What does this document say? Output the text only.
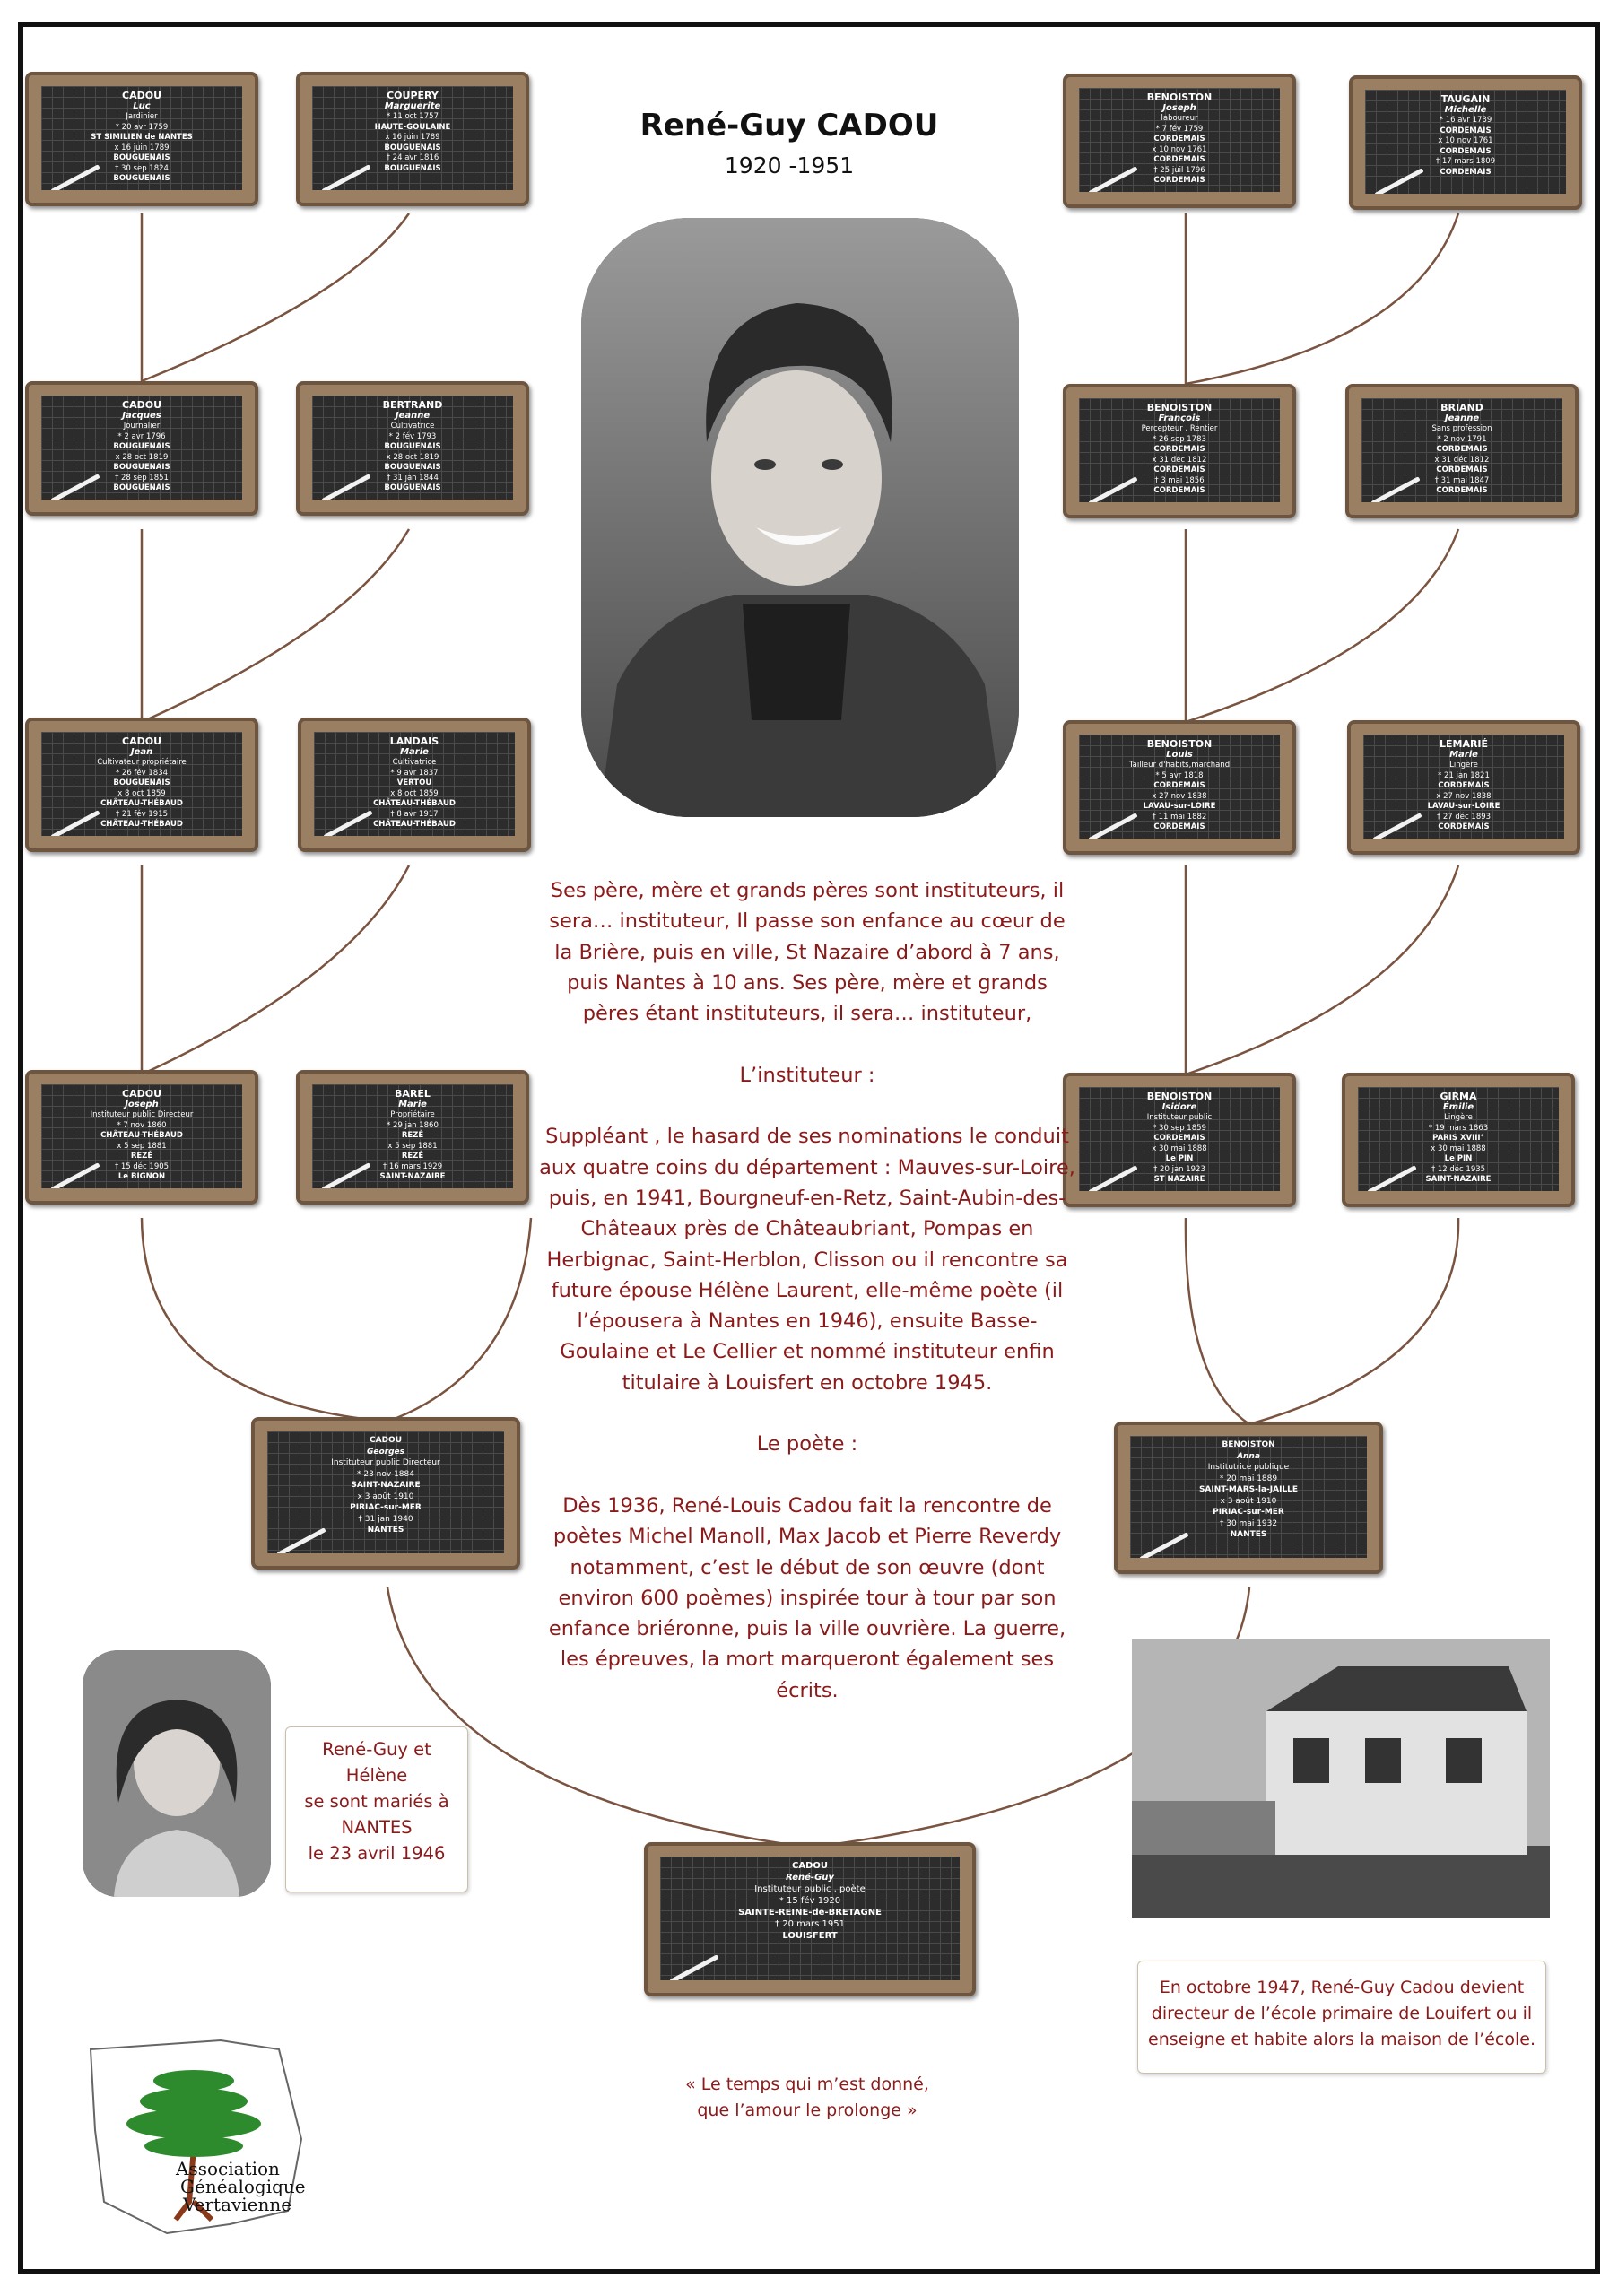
CADOU
Luc
Jardinier
* 20 avr 1759
ST SIMILIEN de NANTES
x 16 juin 1789
BOUGUENAIS
† 30 sep 1824
BOUGUENAIS
COUPERY
Marguerite
* 11 oct 1757
HAUTE-GOULAINE
x 16 juin 1789
BOUGUENAIS
† 24 avr 1816
BOUGUENAIS
BENOISTON
Joseph
laboureur
* 7 fév 1759
CORDEMAIS
x 10 nov 1761
CORDEMAIS
† 25 juil 1796
CORDEMAIS
TAUGAIN
Michelle
* 16 avr 1739
CORDEMAIS
x 10 nov 1761
CORDEMAIS
† 17 mars 1809
CORDEMAIS
CADOU
Jacques
Journalier
* 2 avr 1796
BOUGUENAIS
x 28 oct 1819
BOUGUENAIS
† 28 sep 1851
BOUGUENAIS
BERTRAND
Jeanne
Cultivatrice
* 2 fév 1793
BOUGUENAIS
x 28 oct 1819
BOUGUENAIS
† 31 jan 1844
BOUGUENAIS
BENOISTON
François
Percepteur , Rentier
* 26 sep 1783
CORDEMAIS
x 31 déc 1812
CORDEMAIS
† 3 mai 1856
CORDEMAIS
BRIAND
Jeanne
Sans profession
* 2 nov 1791
CORDEMAIS
x 31 déc 1812
CORDEMAIS
† 31 mai 1847
CORDEMAIS
CADOU
Jean
Cultivateur propriétaire
* 26 fév 1834
BOUGUENAIS
x 8 oct 1859
CHÂTEAU-THÉBAUD
† 21 fév 1915
CHÂTEAU-THÉBAUD
LANDAIS
Marie
Cultivatrice
* 9 avr 1837
VERTOU
x 8 oct 1859
CHÂTEAU-THÉBAUD
† 8 avr 1917
CHÂTEAU-THÉBAUD
BENOISTON
Louis
Tailleur d'habits,marchand
* 5 avr 1818
CORDEMAIS
x 27 nov 1838
LAVAU-sur-LOIRE
† 11 mai 1882
CORDEMAIS
LEMARIÉ
Marie
Lingère
* 21 jan 1821
CORDEMAIS
x 27 nov 1838
LAVAU-sur-LOIRE
† 27 déc 1893
CORDEMAIS
CADOU
Joseph
Instituteur public Directeur
* 7 nov 1860
CHÂTEAU-THÉBAUD
x 5 sep 1881
REZÉ
† 15 déc 1905
Le BIGNON
BAREL
Marie
Propriétaire
* 29 jan 1860
REZÉ
x 5 sep 1881
REZÉ
† 16 mars 1929
SAINT-NAZAIRE
BENOISTON
Isidore
Instituteur public
* 30 sep 1859
CORDEMAIS
x 30 mai 1888
Le PIN
† 20 jan 1923
ST NAZAIRE
GIRMA
Émilie
Lingère
* 19 mars 1863
PARIS XVIII°
x 30 mai 1888
Le PIN
† 12 déc 1935
SAINT-NAZAIRE
CADOU
Georges
Instituteur public Directeur
* 23 nov 1884
SAINT-NAZAIRE
x 3 août 1910
PIRIAC-sur-MER
† 31 jan 1940
NANTES
BENOISTON
Anna
Institutrice publique
* 20 mai 1889
SAINT-MARS-la-JAILLE
x 3 août 1910
PIRIAC-sur-MER
† 30 mai 1932
NANTES
CADOU
René-Guy
Instituteur public , poète
* 15 fév 1920
SAINTE-REINE-de-BRETAGNE
† 20 mars 1951
LOUISFERT
René-Guy CADOU
1920 -1951

Ses père, mère et grands pères sont instituteurs, il sera… instituteur, Il passe son enfance au cœur de la Brière, puis en ville, St Nazaire d’abord à 7 ans, puis Nantes à 10 ans. Ses père, mère et grands pères étant instituteurs, il sera… instituteur,

L’instituteur :

Suppléant , le hasard de ses nominations le conduit aux quatre coins du département : Mauves-sur-Loire, puis, en 1941, Bourgneuf-en-Retz, Saint-Aubin-des-Châteaux près de Châteaubriant, Pompas en Herbignac, Saint-Herblon, Clisson ou il rencontre sa future épouse Hélène Laurent, elle-même poète (il l’épousera à Nantes en 1946), ensuite Basse-Goulaine et Le Cellier et nommé instituteur enfin titulaire à Louisfert en octobre 1945.

Le poète :

Dès 1936, René-Louis Cadou fait la rencontre de poètes Michel Manoll, Max Jacob et Pierre Reverdy notamment, c’est le début de son œuvre (dont environ 600 poèmes) inspirée tour à tour par son enfance briéronne, puis la ville ouvrière. La guerre, les épreuves, la mort marqueront également ses écrits.

René-Guy et
Hélène
se sont mariés à
NANTES
le 23 avril 1946
En octobre 1947, René-Guy Cadou devient directeur de l’école primaire de Louifert ou il enseigne et habite alors la maison de l’école.
« Le temps qui m’est donné,
que l’amour le prolonge »
Association
Généalogique
Vertavienne
